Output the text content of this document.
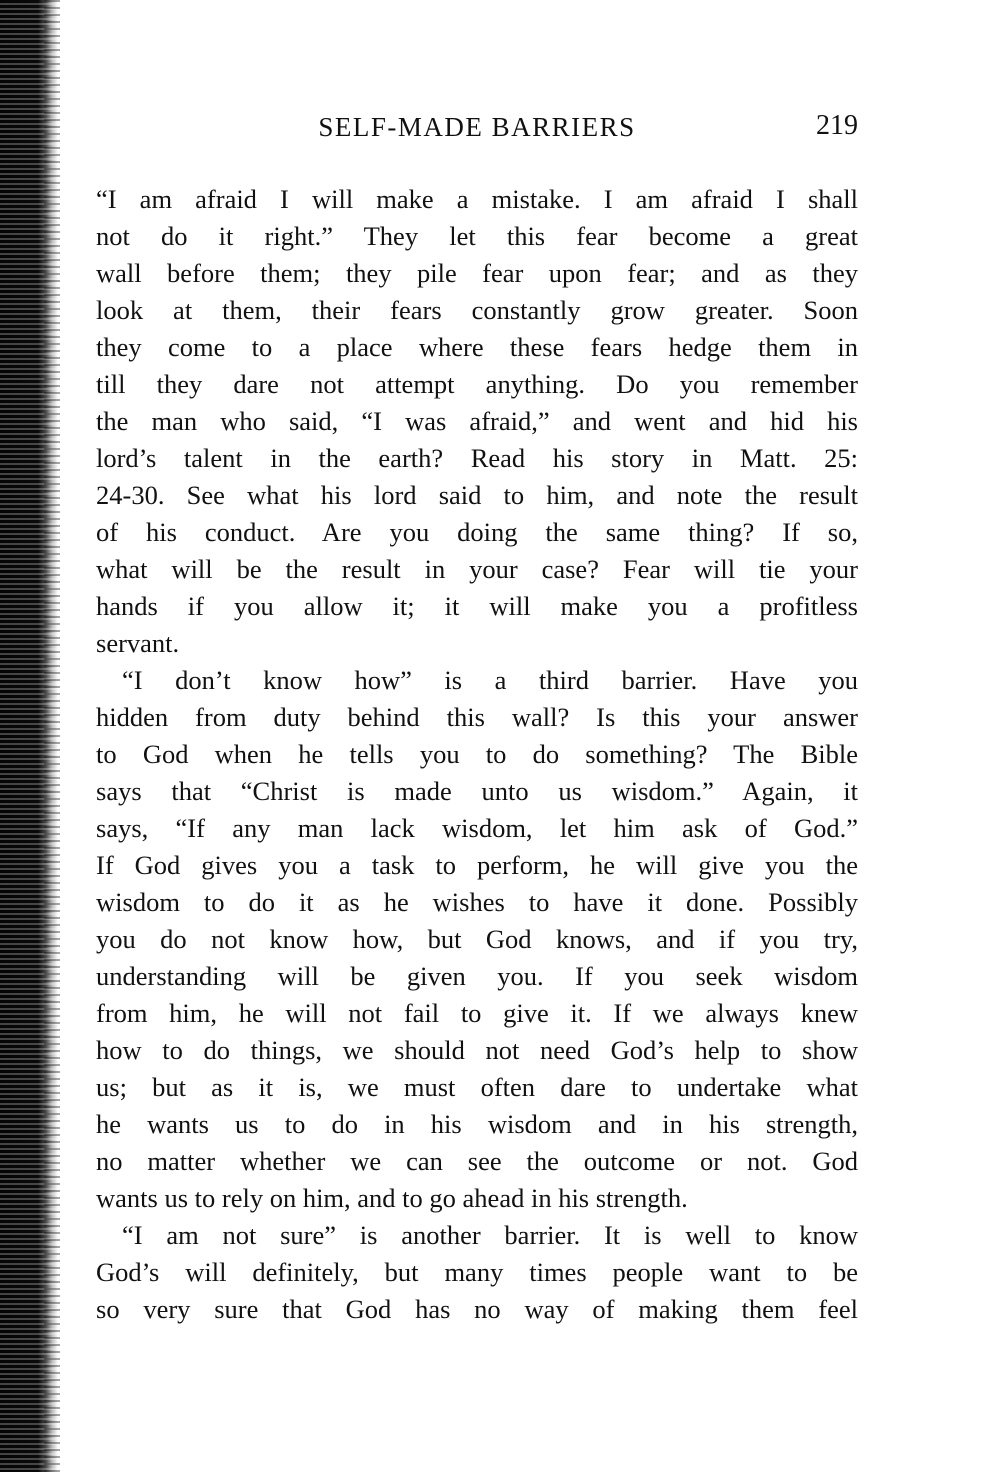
SELF-MADE BARRIERS	219
“I am afraid I will make a mistake. I am afraid I shall
not do it right.” They let this fear become a great
wall before them; they pile fear upon fear; and as they
look at them, their fears constantly grow greater. Soon
they come to a place where these fears hedge them in
till they dare not attempt anything. Do you remember
the man who said, “I was afraid,” and went and hid his
lord’s talent in the earth? Read his story in Matt. 25:
24-30. See what his lord said to him, and note the result
of his conduct. Are you doing the same thing? If so,
what will be the result in your case? Fear will tie your
hands if you allow it; it will make you a profitless
servant.
“I don’t know how” is a third barrier. Have you
hidden from duty behind this wall? Is this your answer
to God when he tells you to do something? The Bible
says that “Christ is made unto us wisdom.” Again, it
says, “If any man lack wisdom, let him ask of God.”
If God gives you a task to perform, he will give you the
wisdom to do it as he wishes to have it done. Possibly
you do not know how, but God knows, and if you try,
understanding will be given you. If you seek wisdom
from him, he will not fail to give it. If we always knew
how to do things, we should not need God’s help to show
us; but as it is, we must often dare to undertake what
he wants us to do in his wisdom and in his strength,
no matter whether we can see the outcome or not. God
wants us to rely on him, and to go ahead in his strength.
“I am not sure” is another barrier. It is well to know
God’s will definitely, but many times people want to be
so very sure that God has no way of making them feel
